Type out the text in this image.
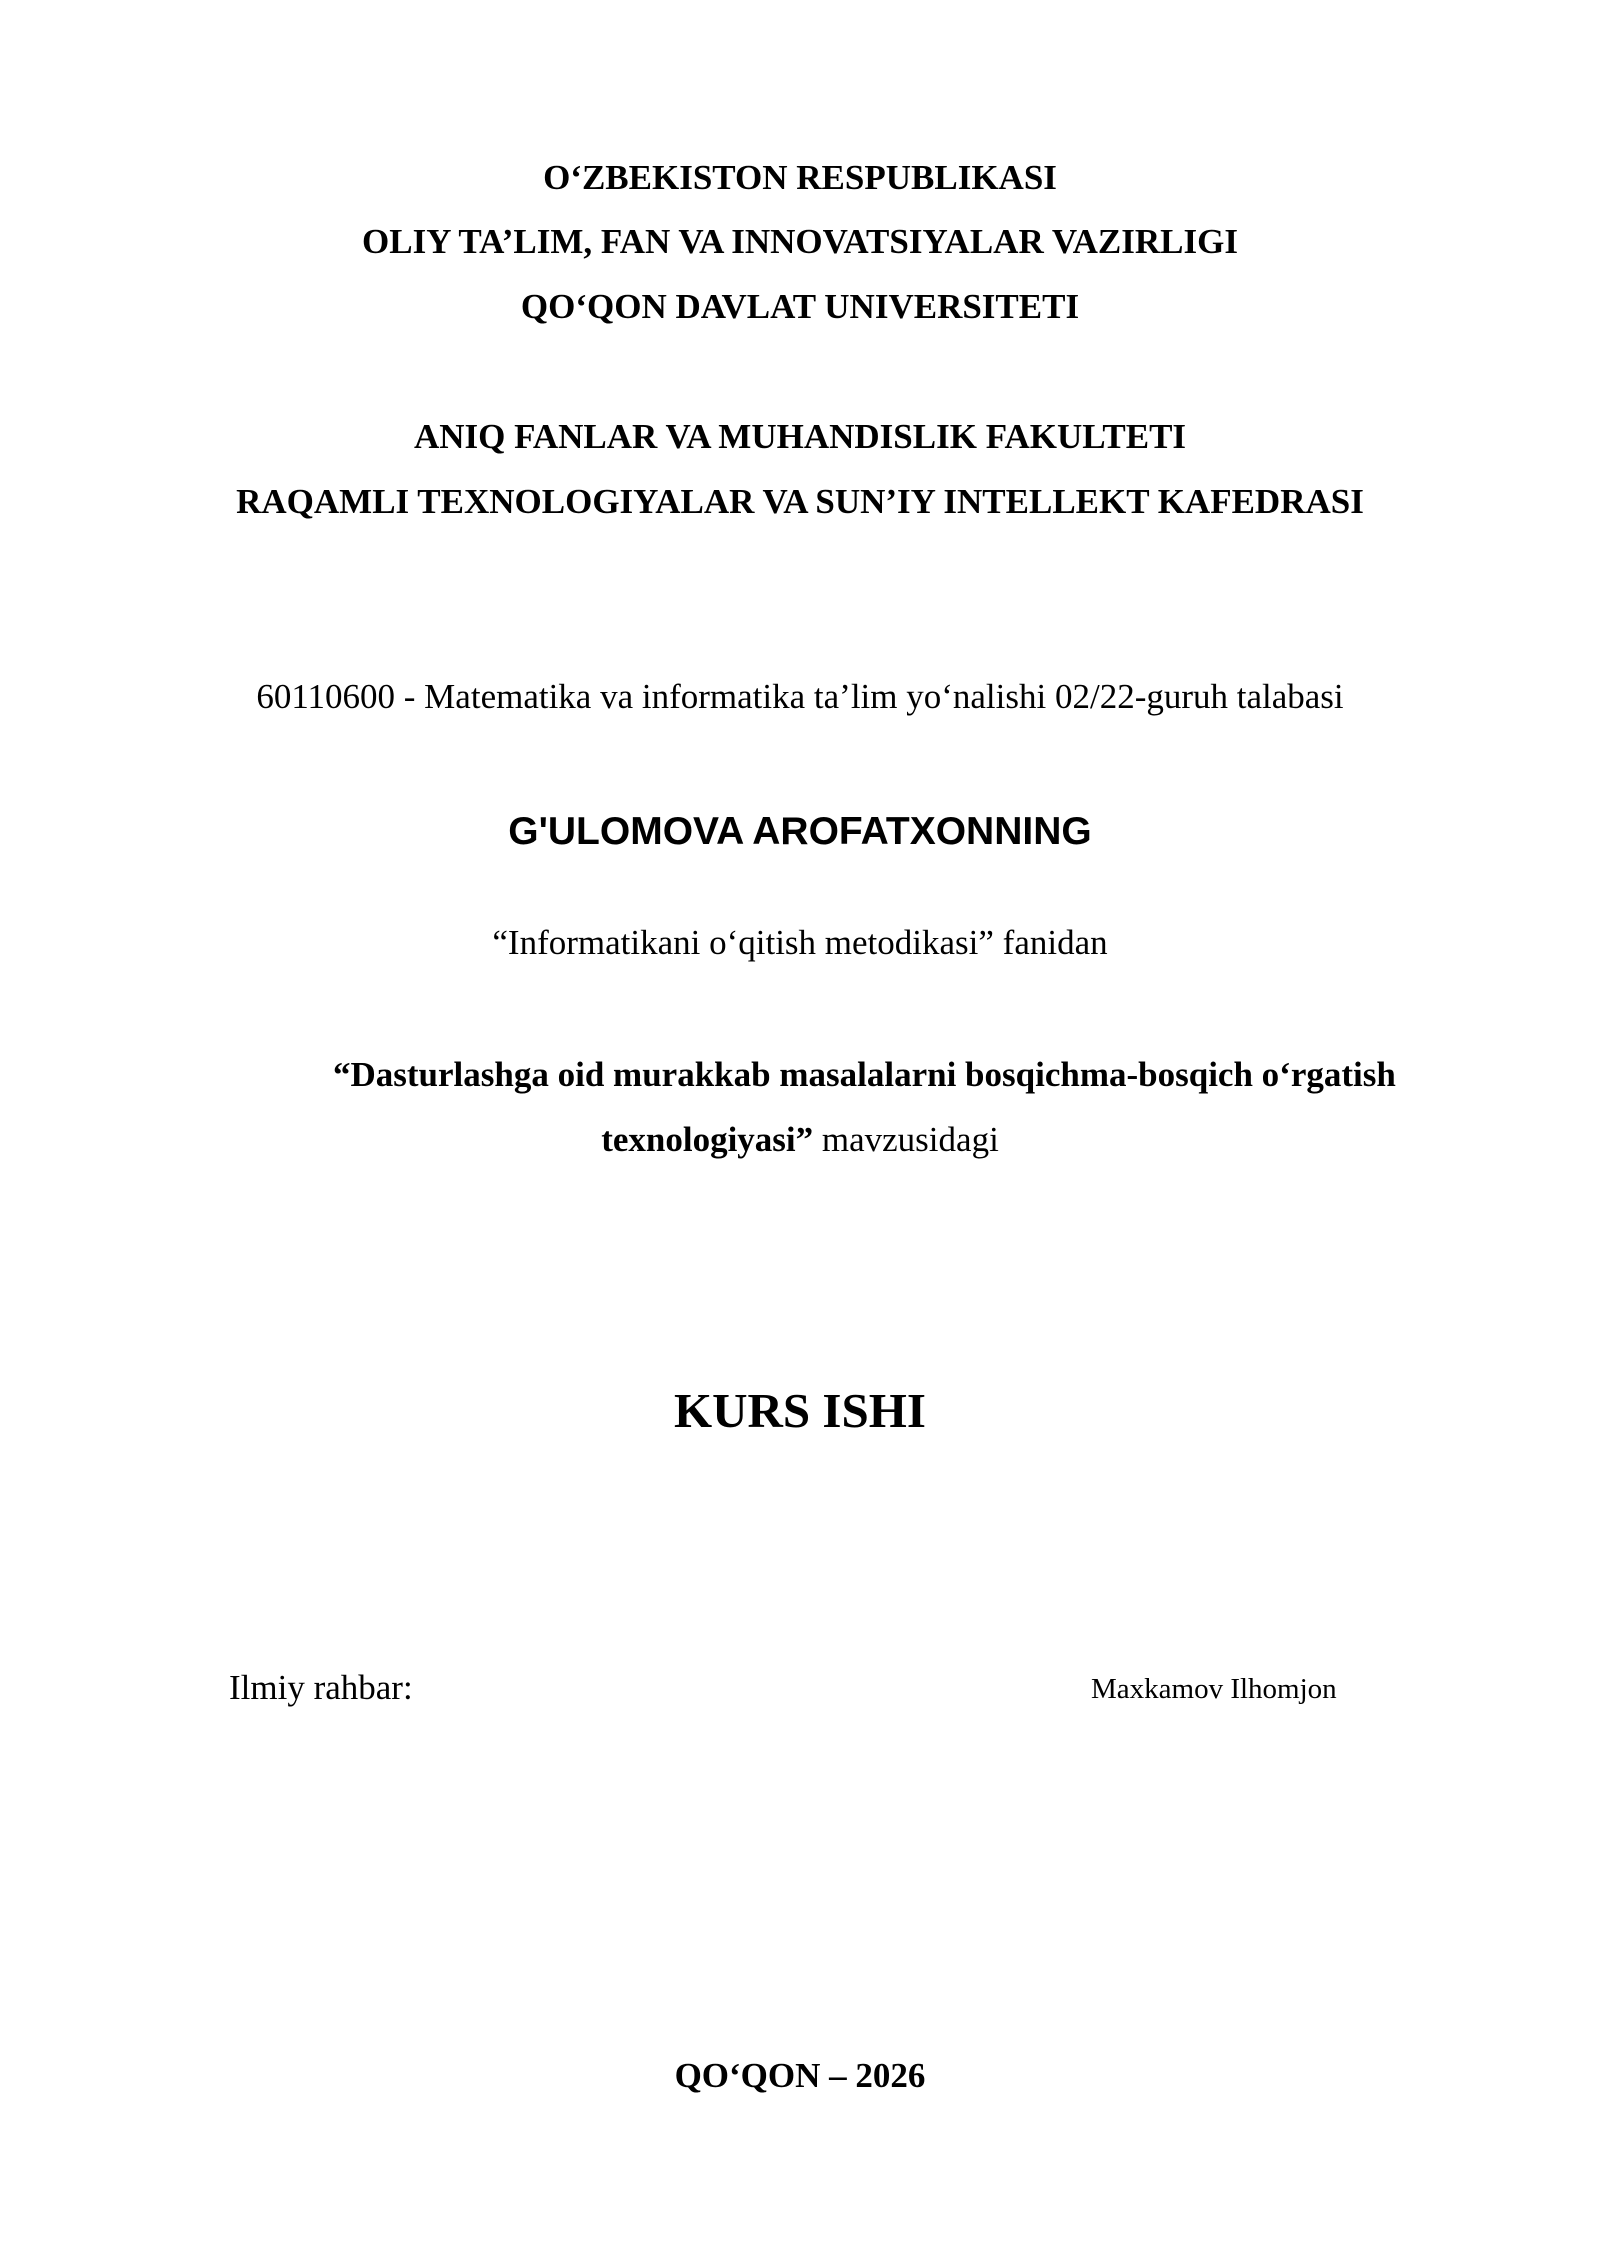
O‘ZBEKISTON RESPUBLIKASI
OLIY TA’LIM, FAN VA INNOVATSIYALAR VAZIRLIGI
QO‘QON DAVLAT UNIVERSITETI
ANIQ FANLAR VA MUHANDISLIK FAKULTETI
RAQAMLI TEXNOLOGIYALAR VA SUN’IY INTELLEKT KAFEDRASI
60110600 - Matematika va informatika ta’lim yo‘nalishi 02/22-guruh talabasi
G'ULOMOVA AROFATXONNING
“Informatikani o‘qitish metodikasi” fanidan
“Dasturlashga oid murakkab masalalarni bosqichma-bosqich o‘rgatish
texnologiyasi” mavzusidagi
KURS ISHI
Ilmiy rahbar:	Maxkamov Ilhomjon
QO‘QON – 2026
